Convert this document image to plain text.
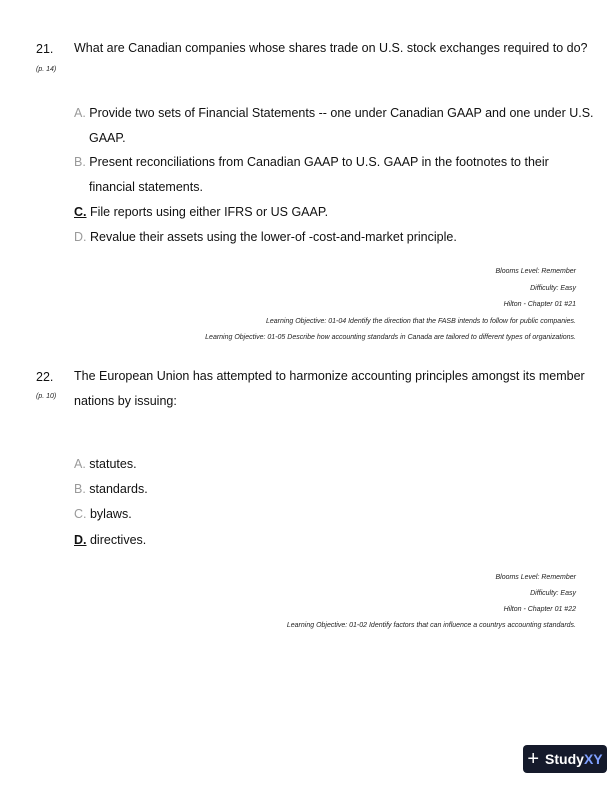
21.
(p. 14)
What are Canadian companies whose shares trade on U.S. stock exchanges required to do?
A. Provide two sets of Financial Statements -- one under Canadian GAAP and one under U.S.
GAAP.
B. Present reconciliations from Canadian GAAP to U.S. GAAP in the footnotes to their
financial statements.
C. File reports using either IFRS or US GAAP.
D. Revalue their assets using the lower-of -cost-and-market principle.
Blooms Level: Remember
Difficulty: Easy
Hilton - Chapter 01 #21
Learning Objective: 01-04 Identify the direction that the FASB intends to follow for public companies.
Learning Objective: 01-05 Describe how accounting standards in Canada are tailored to different types of organizations.
22.
(p. 10)
The European Union has attempted to harmonize accounting principles amongst its member
nations by issuing:
A. statutes.
B. standards.
C. bylaws.
D. directives.
Blooms Level: Remember
Difficulty: Easy
Hilton - Chapter 01 #22
Learning Objective: 01-02 Identify factors that can influence a countrys accounting standards.
+ StudyXY
